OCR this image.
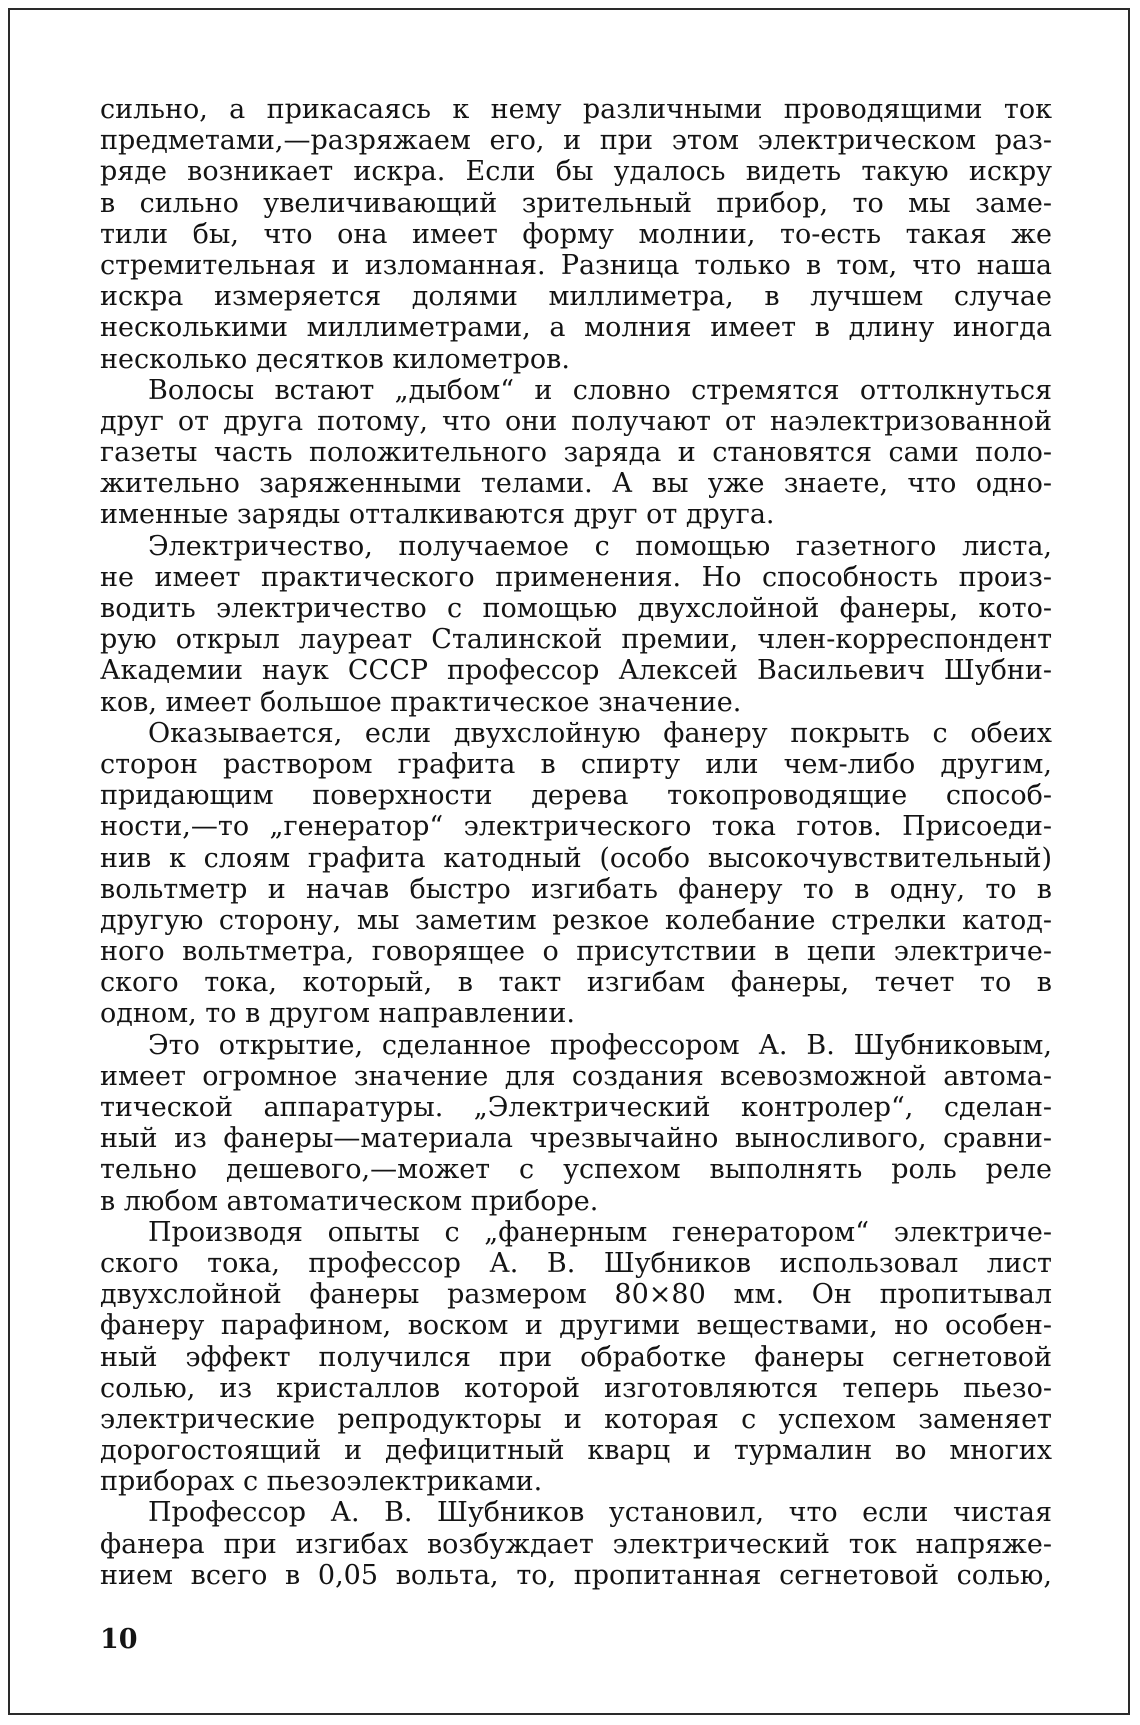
сильно, а прикасаясь к нему различными проводящими ток
предметами,—разряжаем его, и при этом электрическом раз-
ряде возникает искра. Если бы удалось видеть такую искру
в сильно увеличивающий зрительный прибор, то мы заме-
тили бы, что она имеет форму молнии, то-есть такая же
стремительная и изломанная. Разница только в том, что наша
искра измеряется долями миллиметра, в лучшем случае
несколькими миллиметрами, а молния имеет в длину иногда
несколько десятков километров.
Волосы встают „дыбом“ и словно стремятся оттолкнуться
друг от друга потому, что они получают от наэлектризованной
газеты часть положительного заряда и становятся сами поло-
жительно заряженными телами. А вы уже знаете, что одно-
именные заряды отталкиваются друг от друга.
Электричество, получаемое с помощью газетного листа,
не имеет практического применения. Но способность произ-
водить электричество с помощью двухслойной фанеры, кото-
рую открыл лауреат Сталинской премии, член-корреспондент
Академии наук СССР профессор Алексей Васильевич Шубни-
ков, имеет большое практическое значение.
Оказывается, если двухслойную фанеру покрыть с обеих
сторон раствором графита в спирту или чем-либо другим,
придающим поверхности дерева токопроводящие способ-
ности,—то „генератор“ электрического тока готов. Присоеди-
нив к слоям графита катодный (особо высокочувствительный)
вольтметр и начав быстро изгибать фанеру то в одну, то в
другую сторону, мы заметим резкое колебание стрелки катод-
ного вольтметра, говорящее о присутствии в цепи электриче-
ского тока, который, в такт изгибам фанеры, течет то в
одном, то в другом направлении.
Это открытие, сделанное профессором А. В. Шубниковым,
имеет огромное значение для создания всевозможной автома-
тической аппаратуры. „Электрический контролер“, сделан-
ный из фанеры—материала чрезвычайно выносливого, сравни-
тельно дешевого,—может с успехом выполнять роль реле
в любом автоматическом приборе.
Производя опыты с „фанерным генератором“ электриче-
ского тока, профессор А. В. Шубников использовал лист
двухслойной фанеры размером 80×80 мм. Он пропитывал
фанеру парафином, воском и другими веществами, но особен-
ный эффект получился при обработке фанеры сегнетовой
солью, из кристаллов которой изготовляются теперь пьезо-
электрические репродукторы и которая с успехом заменяет
дорогостоящий и дефицитный кварц и турмалин во многих
приборах с пьезоэлектриками.
Профессор А. В. Шубников установил, что если чистая
фанера при изгибах возбуждает электрический ток напряже-
нием всего в 0,05 вольта, то, пропитанная сегнетовой солью,
10
